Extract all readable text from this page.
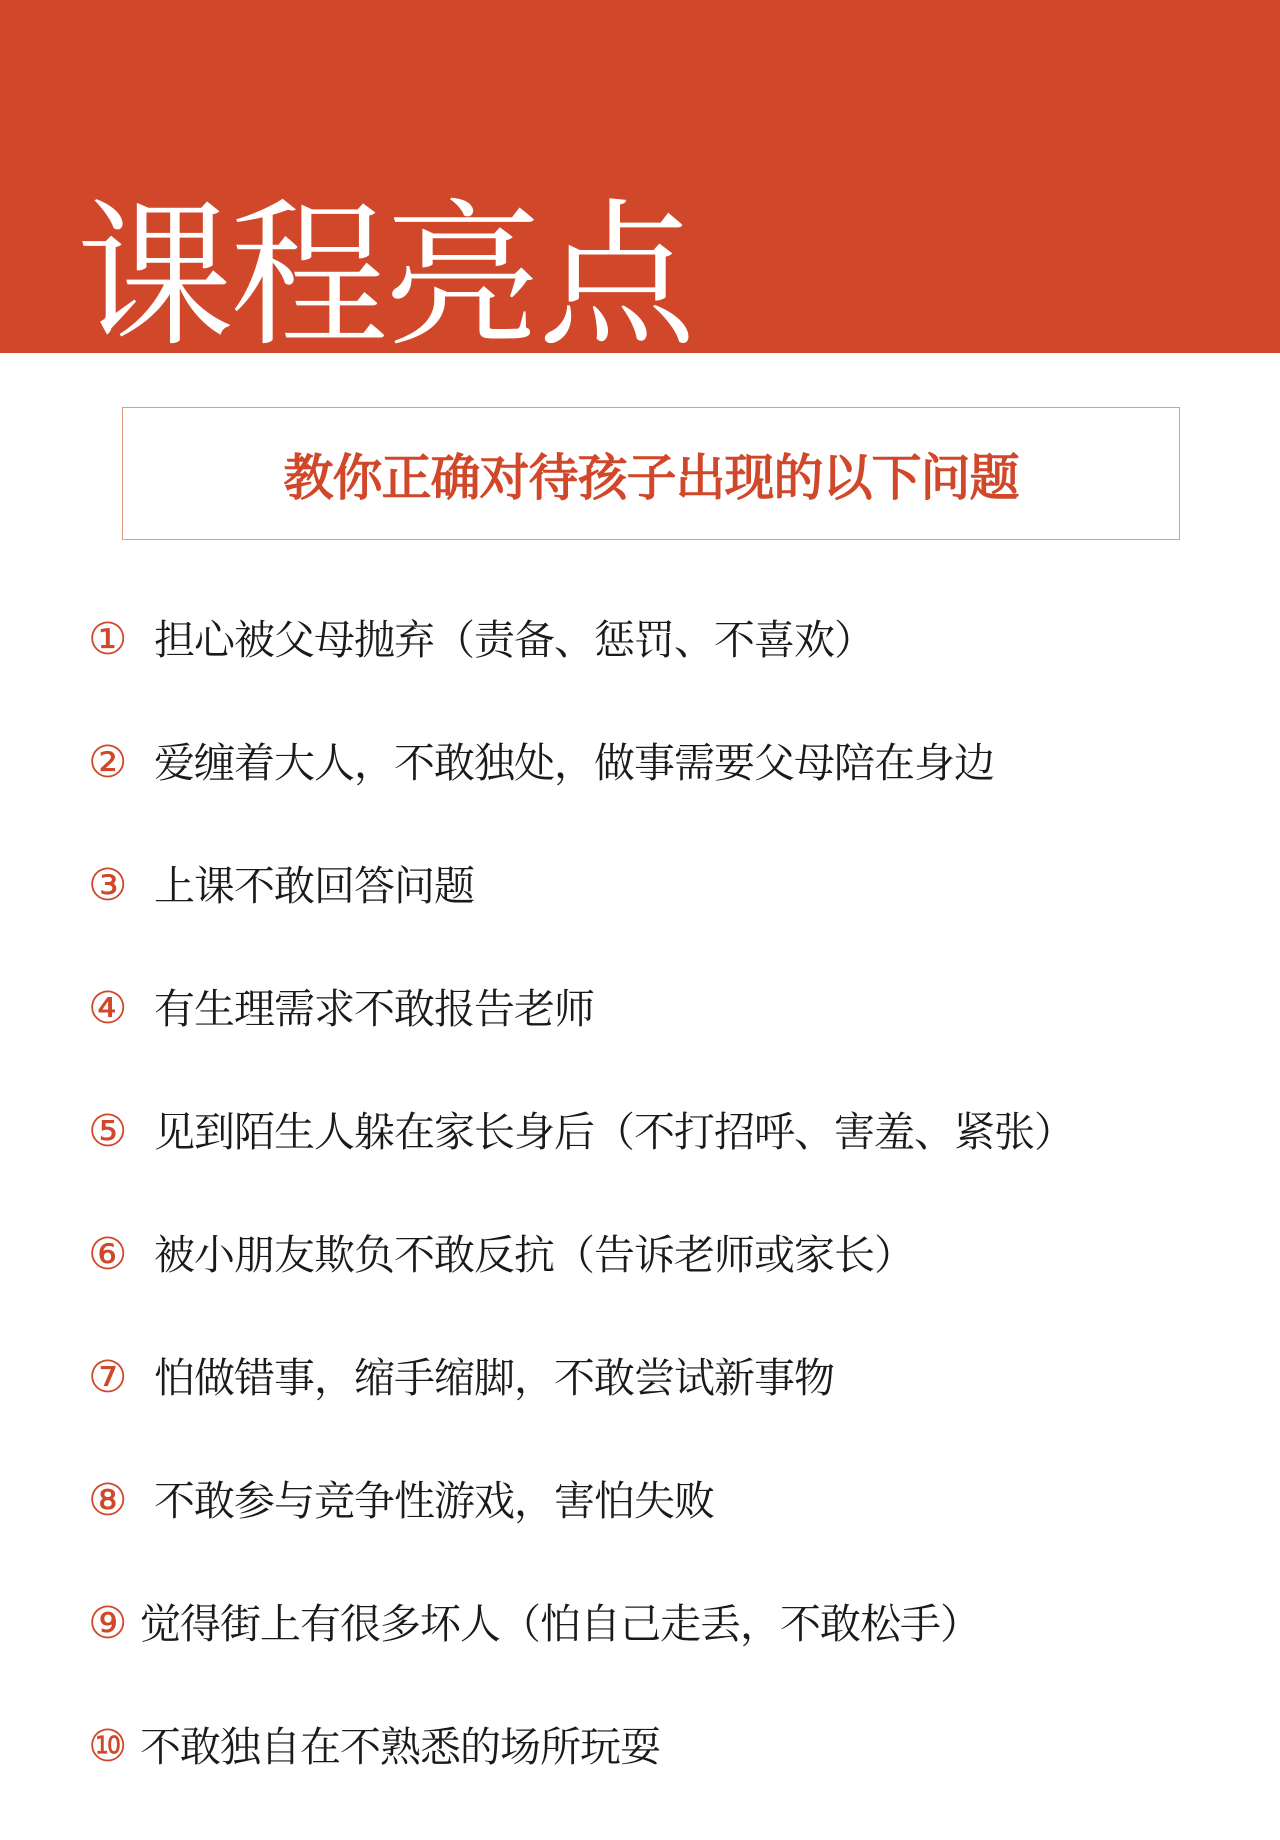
课程亮点
教你正确对待孩子出现的以下问题
① 担心被父母抛弃（责备、惩罚、不喜欢）
② 爱缠着大人，不敢独处，做事需要父母陪在身边
③ 上课不敢回答问题
④ 有生理需求不敢报告老师
⑤ 见到陌生人躲在家长身后（不打招呼、害羞、紧张）
⑥ 被小朋友欺负不敢反抗（告诉老师或家长）
⑦ 怕做错事，缩手缩脚，不敢尝试新事物
⑧ 不敢参与竞争性游戏，害怕失败
⑨ 觉得街上有很多坏人（怕自己走丢，不敢松手）
⑩ 不敢独自在不熟悉的场所玩耍
